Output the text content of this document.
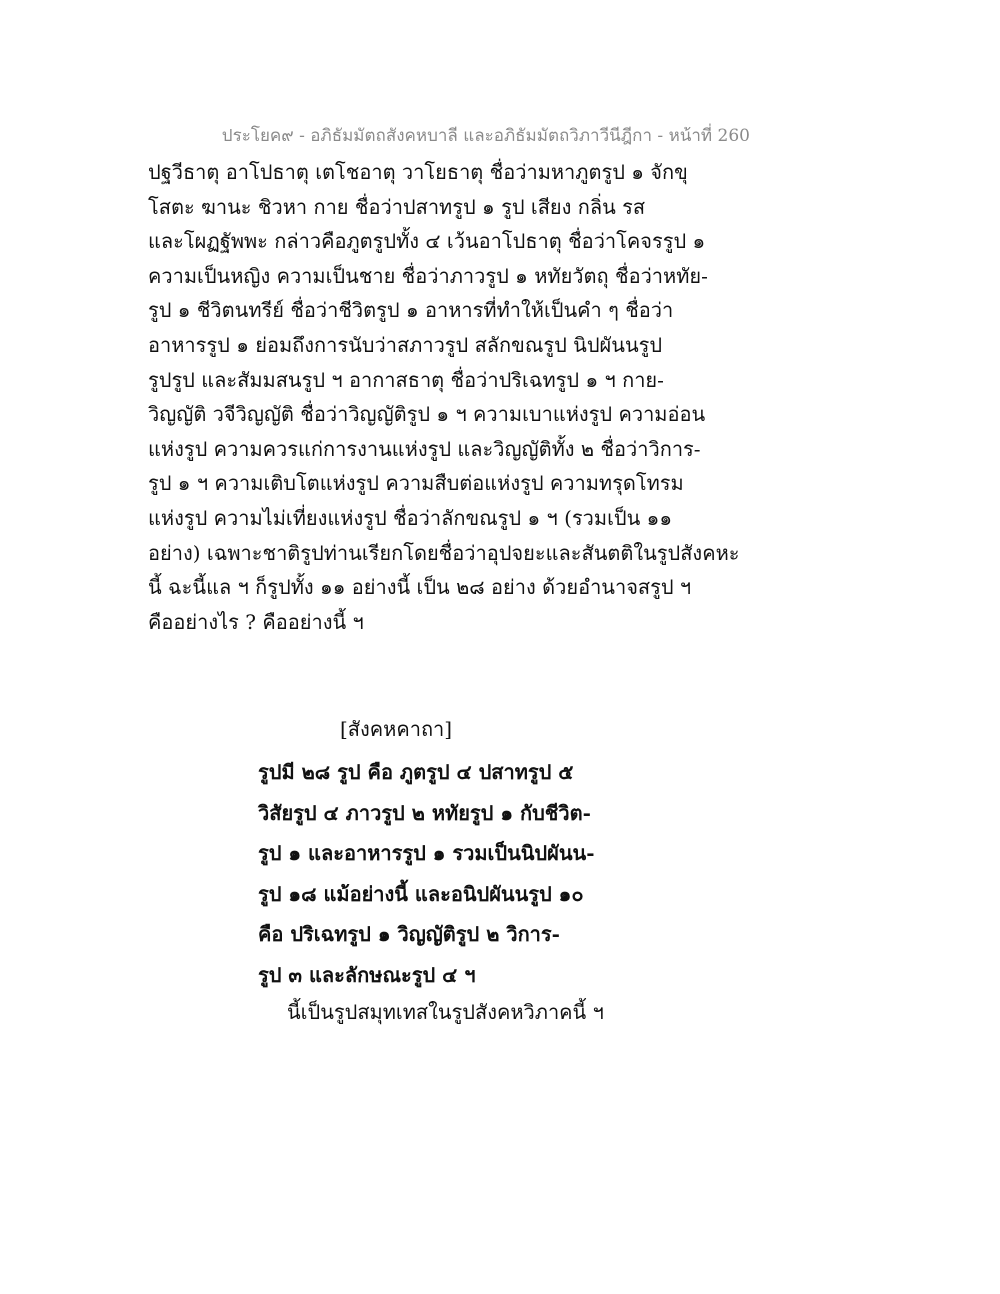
ประโยค๙ - อภิธัมมัตถสังคหบาลี และอภิธัมมัตถวิภาวีนีฎีกา - หน้าที่ 260
ปฐวีธาตุ อาโปธาตุ เตโชอาตุ วาโยธาตุ ชื่อว่ามหาภูตรูป ๑ จักขุ
โสตะ ฆานะ ชิวหา กาย ชื่อว่าปสาทรูป ๑ รูป เสียง กลิ่น รส
และโผฏฐัพพะ กล่าวคือภูตรูปทั้ง ๔ เว้นอาโปธาตุ ชื่อว่าโคจรรูป ๑
ความเป็นหญิง ความเป็นชาย ชื่อว่าภาวรูป ๑ หทัยวัตถุ ชื่อว่าหทัย-
รูป ๑ ชีวิตนทรีย์ ชื่อว่าชีวิตรูป ๑ อาหารที่ทำให้เป็นคำ ๆ ชื่อว่า
อาหารรูป ๑ ย่อมถึงการนับว่าสภาวรูป สลักขณรูป นิปผันนรูป
รูปรูป และสัมมสนรูป ฯ อากาสธาตุ ชื่อว่าปริเฉทรูป ๑ ฯ กาย-
วิญญัติ วจีวิญญัติ ชื่อว่าวิญญัติรูป ๑ ฯ ความเบาแห่งรูป ความอ่อน
แห่งรูป ความควรแก่การงานแห่งรูป และวิญญัติทั้ง ๒ ชื่อว่าวิการ-
รูป ๑ ฯ ความเติบโตแห่งรูป ความสืบต่อแห่งรูป ความทรุดโทรม
แห่งรูป ความไม่เที่ยงแห่งรูป ชื่อว่าลักขณรูป ๑ ฯ (รวมเป็น ๑๑
อย่าง) เฉพาะชาติรูปท่านเรียกโดยชื่อว่าอุปจยะและสันตติในรูปสังคหะ
นี้ ฉะนี้แล ฯ ก็รูปทั้ง ๑๑ อย่างนี้ เป็น ๒๘ อย่าง ด้วยอำนาจสรูป ฯ
คืออย่างไร ? คืออย่างนี้ ฯ
[สังคหคาถา]
รูปมี ๒๘ รูป คือ ภูตรูป ๔ ปสาทรูป ๕
วิสัยรูป ๔ ภาวรูป ๒ หทัยรูป ๑ กับชีวิต-
รูป ๑ และอาหารรูป ๑ รวมเป็นนิปผันน-
รูป ๑๘ แม้อย่างนี้ และอนิปผันนรูป ๑๐
คือ ปริเฉทรูป ๑ วิญญัติรูป ๒ วิการ-
รูป ๓ และลักษณะรูป ๔ ฯ
นี้เป็นรูปสมุทเทสในรูปสังคหวิภาคนี้ ฯ
